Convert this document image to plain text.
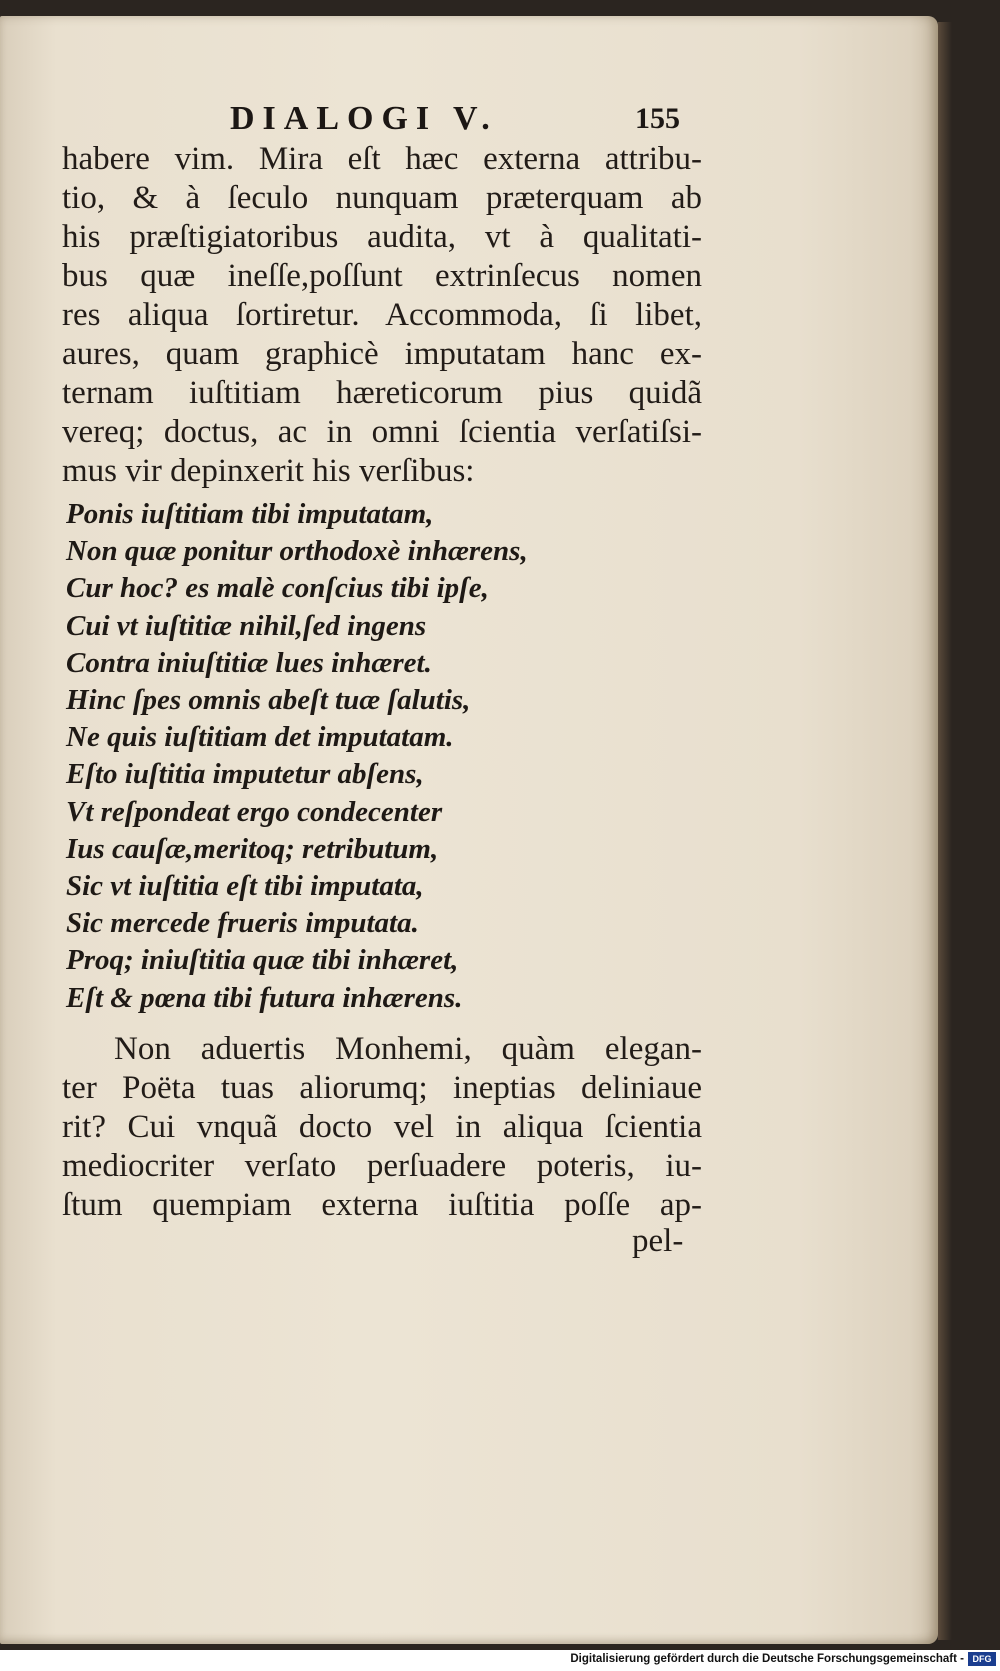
DIALOGI V.	155
habere vim. Mira eſt hæc externa attribu-
tio, & à ſeculo nunquam præterquam ab
his præſtigiatoribus audita, vt à qualitati-
bus quæ ineſſe,poſſunt extrinſecus nomen
res aliqua ſortiretur. Accommoda, ſi libet,
aures, quam graphicè imputatam hanc ex-
ternam iuſtitiam hæreticorum pius quidã
vereq; doctus, ac in omni ſcientia verſatiſsi-
mus vir depinxerit his verſibus:
Ponis iuſtitiam tibi imputatam,
Non quæ ponitur orthodoxè inhærens,
Cur hoc? es malè conſcius tibi ipſe,
Cui vt iuſtitiæ nihil,ſed ingens
Contra iniuſtitiæ lues inhæret.
Hinc ſpes omnis abeſt tuæ ſalutis,
Ne quis iuſtitiam det imputatam.
Eſto iuſtitia imputetur abſens,
Vt reſpondeat ergo condecenter
Ius cauſæ,meritoq; retributum,
Sic vt iuſtitia eſt tibi imputata,
Sic mercede frueris imputata.
Proq; iniuſtitia quæ tibi inhæret,
Eſt & pœna tibi futura inhærens.
Non aduertis Monhemi, quàm elegan-
ter Poëta tuas aliorumq; ineptias deliniaue
rit? Cui vnquã docto vel in aliqua ſcientia
mediocriter verſato perſuadere poteris, iu-
ſtum quempiam externa iuſtitia poſſe ap-
pel-
Digitalisierung gefördert durch die Deutsche Forschungsgemeinschaft - DFG
